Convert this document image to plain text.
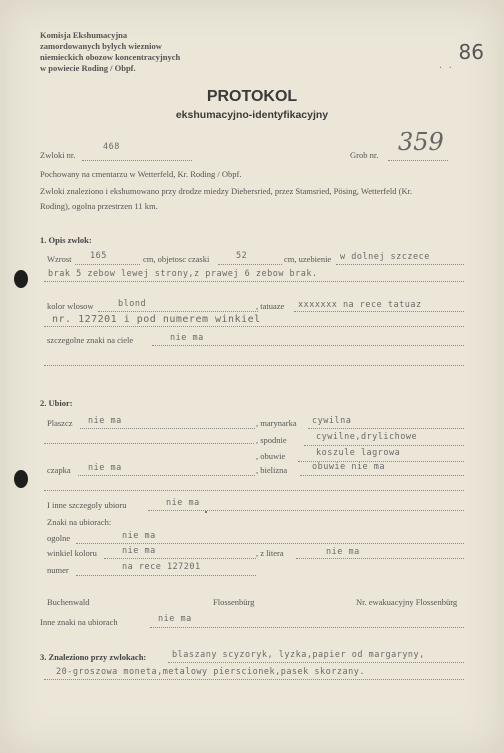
Komisja Ekshumacyjna
zamordowanych bylych wiezniow
niemieckich obozow koncentracyjnych
w powiecie Roding / Obpf.
86
· ·
PROTOKOL
ekshumacyjno-identyfikacyjny
Zwloki nr.
468
Grob nr. 359
Pochowany na cmentarzu w Wetterfeld, Kr. Roding / Obpf.
Zwloki znaleziono i ekshumowano przy drodze miedzy Diebersried, przez Stamsried, Pösing, Wetterfeld (Kr.
Roding), ogolna przestrzen 11 km.
1. Opis zwlok:
Wzrost 165	cm, objetosc czaski	52	cm, uzebienie w dolnej szczece
brak 5 zebow lewej strony,z prawej 6 zebow brak.
kolor wlosow	blond	, tatuaze xxxxxxx na rece tatuaz
nr. 127201 i pod numerem winkiel
szczegolne znaki na ciele	nie ma
2. Ubior:
Plaszcz nie ma	, marynarka cywilna
, spodnie	cywilne,drylichowe
, obuwie	koszule lagrowa
czapka nie ma	, bielizna	obuwie nie ma
I inne szczegoly ubioru	nie ma
Znaki na ubiorach:
ogolne	nie ma
winkiel koloru	nie ma	, z litera	nie ma
numer	na rece 127201
Buchenwald	Flossenbürg	Nr. ewakuacyjny Flossenbürg
Inne znaki na ubiorach	nie ma
3. Znaleziono przy zwlokach:	blaszany scyzoryk, lyzka,papier od margaryny,
20-groszowa moneta,metalowy pierscionek,pasek skorzany.
